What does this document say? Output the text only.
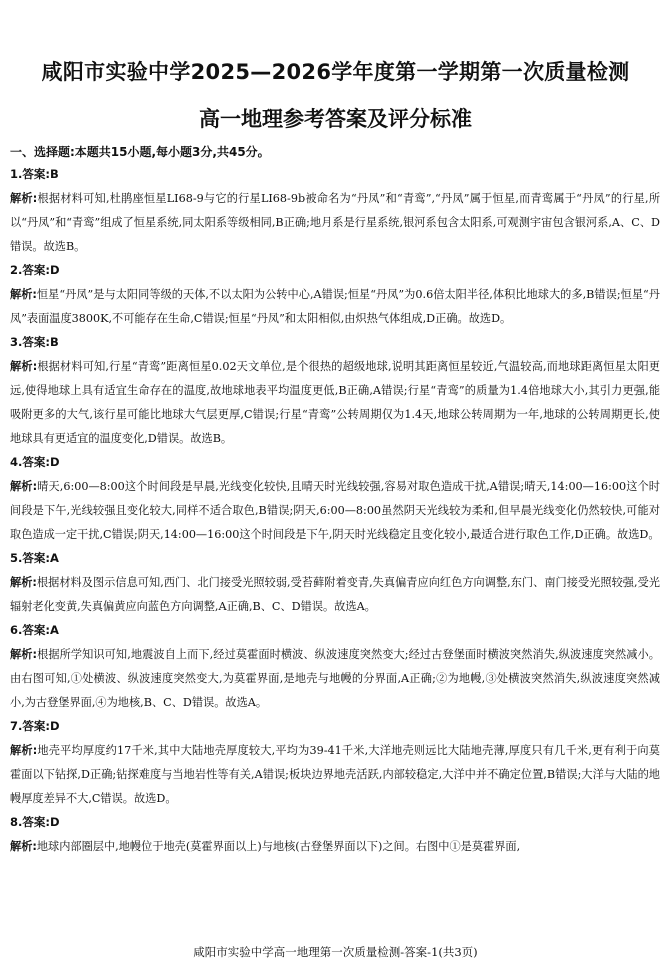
咸阳市实验中学2025—2026学年度第一学期第一次质量检测
高一地理参考答案及评分标准
一、选择题:本题共15小题,每小题3分,共45分。
1.答案:B
解析:根据材料可知,杜鹃座恒星LI68-9与它的行星LI68-9b被命名为“丹凤”和“青鸾”,“丹凤”属于恒星,而青鸾属于“丹凤”的行星,所以“丹凤”和“青鸾”组成了恒星系统,同太阳系等级相同,B正确;地月系是行星系统,银河系包含太阳系,可观测宇宙包含银河系,A、C、D错误。故选B。
2.答案:D
解析:恒星“丹凤”是与太阳同等级的天体,不以太阳为公转中心,A错误;恒星“丹凤”为0.6倍太阳半径,体积比地球大的多,B错误;恒星“丹凤”表面温度3800K,不可能存在生命,C错误;恒星“丹凤”和太阳相似,由炽热气体组成,D正确。故选D。
3.答案:B
解析:根据材料可知,行星“青鸾”距离恒星0.02天文单位,是个很热的超级地球,说明其距离恒星较近,气温较高,而地球距离恒星太阳更远,使得地球上具有适宜生命存在的温度,故地球地表平均温度更低,B正确,A错误;行星“青鸾”的质量为1.4倍地球大小,其引力更强,能吸附更多的大气,该行星可能比地球大气层更厚,C错误;行星“青鸾”公转周期仅为1.4天,地球公转周期为一年,地球的公转周期更长,使地球具有更适宜的温度变化,D错误。故选B。
4.答案:D
解析:晴天,6:00—8:00这个时间段是早晨,光线变化较快,且晴天时光线较强,容易对取色造成干扰,A错误;晴天,14:00—16:00这个时间段是下午,光线较强且变化较大,同样不适合取色,B错误;阴天,6:00—8:00虽然阴天光线较为柔和,但早晨光线变化仍然较快,可能对取色造成一定干扰,C错误;阴天,14:00—16:00这个时间段是下午,阴天时光线稳定且变化较小,最适合进行取色工作,D正确。故选D。
5.答案:A
解析:根据材料及图示信息可知,西门、北门接受光照较弱,受苔藓附着变青,失真偏青应向红色方向调整,东门、南门接受光照较强,受光辐射老化变黄,失真偏黄应向蓝色方向调整,A正确,B、C、D错误。故选A。
6.答案:A
解析:根据所学知识可知,地震波自上而下,经过莫霍面时横波、纵波速度突然变大;经过古登堡面时横波突然消失,纵波速度突然减小。由右图可知,①处横波、纵波速度突然变大,为莫霍界面,是地壳与地幔的分界面,A正确;②为地幔,③处横波突然消失,纵波速度突然减小,为古登堡界面,④为地核,B、C、D错误。故选A。
7.答案:D
解析:地壳平均厚度约17千米,其中大陆地壳厚度较大,平均为39-41千米,大洋地壳则远比大陆地壳薄,厚度只有几千米,更有利于向莫霍面以下钻探,D正确;钻探难度与当地岩性等有关,A错误;板块边界地壳活跃,内部较稳定,大洋中并不确定位置,B错误;大洋与大陆的地幔厚度差异不大,C错误。故选D。
8.答案:D
解析:地球内部圈层中,地幔位于地壳(莫霍界面以上)与地核(古登堡界面以下)之间。右图中①是莫霍界面,
咸阳市实验中学高一地理第一次质量检测-答案-1(共3页)
